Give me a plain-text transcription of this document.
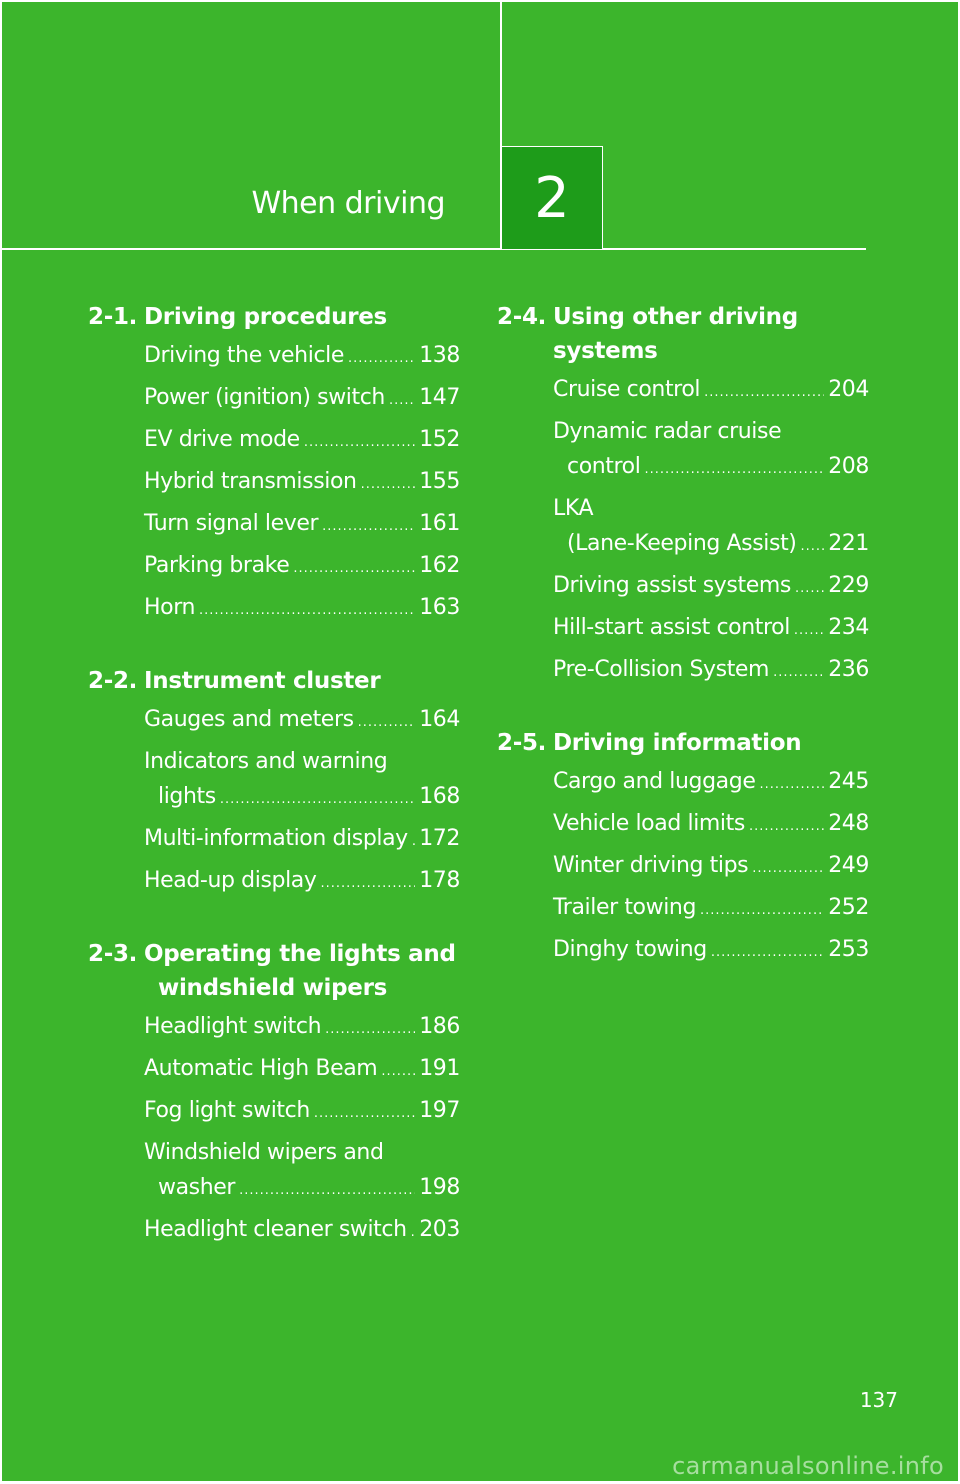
When driving 2
2-1. Driving procedures
Driving the vehicle .....	138
Power (ignition) switch ..... 147
EV drive mode .....	152
Hybrid transmission .....	155
Turn signal lever .....	161
Parking brake .....	162
Horn .....	163
2-2. Instrument cluster
Gauges and meters .....	164
Indicators and warning
lights .....	168
Multi-information display ..... 172
Head-up display .....	178
2-3. Operating the lights and
windshield wipers
Headlight switch .....	186
Automatic High Beam ..... 191
Fog light switch .....	197
Windshield wipers and
washer .....	198
Headlight cleaner switch ..... 203
2-4. Using other driving systems
Cruise control .....	204
Dynamic radar cruise
control .....	208
LKA
(Lane-Keeping Assist) ..... 221
Driving assist systems ..... 229
Hill-start assist control ..... 234
Pre-Collision System .....	236
2-5. Driving information
Cargo and luggage .....	245
Vehicle load limits .....	248
Winter driving tips .....	249
Trailer towing .....	252
Dinghy towing .....	253
137
carmanualsonline.info
